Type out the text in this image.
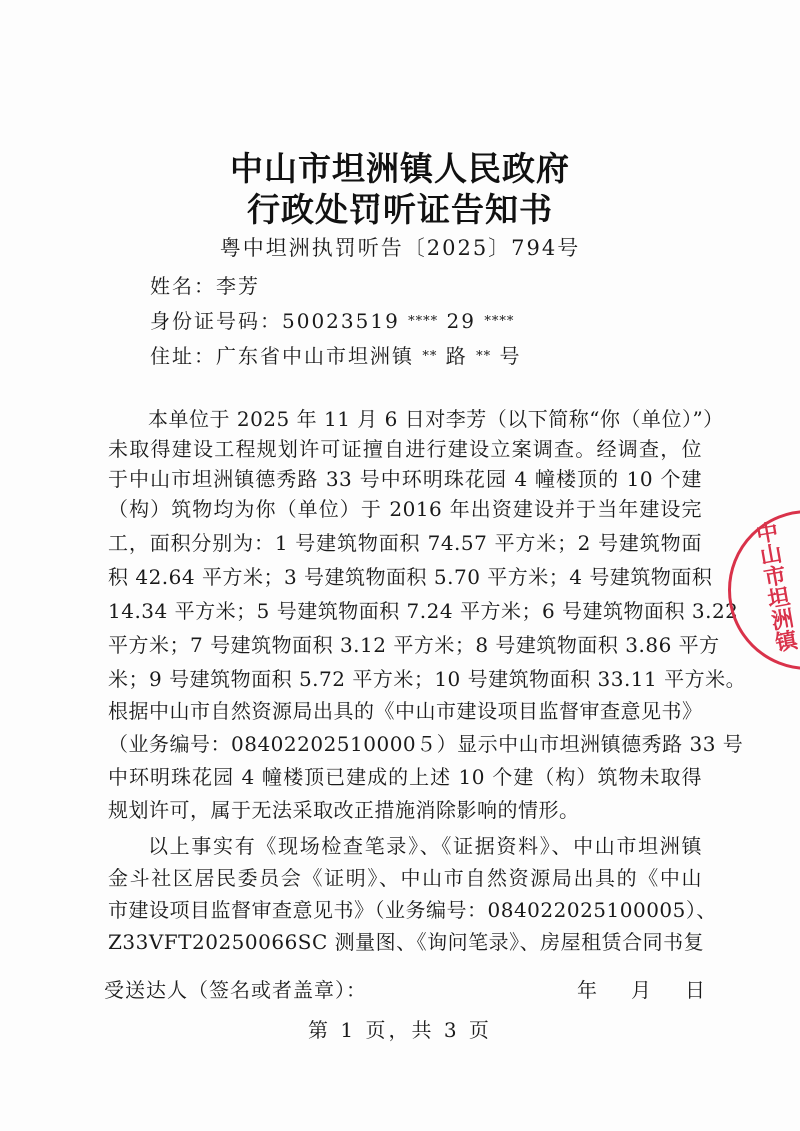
中山市坦洲镇人民政府
行政处罚听证告知书
粤中坦洲执罚听告〔2025〕794号
姓名：李芳
身份证号码：50023519 **** 29 ****
住址：广东省中山市坦洲镇 ** 路 ** 号
本单位于 2025 年 11 月 6 日对李芳（以下简称“你（单位）”）
未取得建设工程规划许可证擅自进行建设立案调查。经调查，位
于中山市坦洲镇德秀路 33 号中环明珠花园 4 幢楼顶的 10 个建
（构）筑物均为你（单位）于 2016 年出资建设并于当年建设完
工，面积分别为：1 号建筑物面积 74.57 平方米；2 号建筑物面
积 42.64 平方米；3 号建筑物面积 5.70 平方米；4 号建筑物面积
14.34 平方米；5 号建筑物面积 7.24 平方米；6 号建筑物面积 3.22
平方米；7 号建筑物面积 3.12 平方米；8 号建筑物面积 3.86 平方
米；9 号建筑物面积 5.72 平方米；10 号建筑物面积 33.11 平方米。
根据中山市自然资源局出具的《中山市建设项目监督审查意见书》
（业务编号：08402202510000５）显示中山市坦洲镇德秀路 33 号
中环明珠花园 4 幢楼顶已建成的上述 10 个建（构）筑物未取得
规划许可，属于无法采取改正措施消除影响的情形。
以上事实有《现场检查笔录》、《证据资料》、中山市坦洲镇
金斗社区居民委员会《证明》、中山市自然资源局出具的《中山
市建设项目监督审查意见书》（业务编号：084022025100005）、
Z33VFT20250066SC 测量图、《询问笔录》、房屋租赁合同书复
受送达人（签名或者盖章）：	年 月 日
第 1 页，共 3 页
中山市坦洲镇
